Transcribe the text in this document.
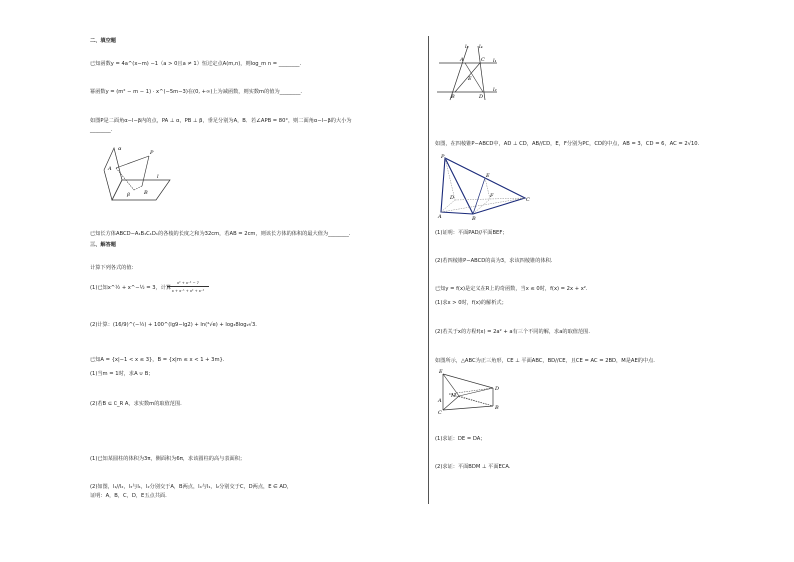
二、填空题
已知函数y = 4a^(x−m) −1（a > 0且a ≠ 1）恒过定点A(m,n)，则log_m n = ________.
幂函数y = (m² − m − 1) · x^(−5m−3)在(0, +∞)上为减函数，则实数m的值为________.
如图P是二面角α−l−β内的点，PA ⊥ α，PB ⊥ β，垂足分别为A，B．若∠APB = 80°，则二面角α−l−β的大小为
________.
P
A
B
l
α
β
已知长方体ABCD−A₁B₁C₁D₁的各棱的长度之和为32cm，若AB = 2cm，则该长方体的体积的最大值为________.
三、解答题
计算下列各式的值：
(1)已知x^½ + x^−½ = 3，计算
x² + x⁻² − 7
x + x⁻¹ + x² + x⁻²
(2)计算：(16/9)^(−½) + 100^(lg9−lg2) + ln(⁴√e) + log₃8log₂√3.
已知A = {x|−1 < x ≤ 3}，B = {x|m ≤ x < 1 + 3m}.
(1)当m = 1时，求A ∪ B；
(2)若B ⊆ ∁_R A，求实数m的取值范围.
(1)已知某圆柱的体积为3π，侧面积为6π，求该圆柱的高与表面积；
(2)如图，l₁//l₂，l₃与l₁，l₂分别交于A，B两点，l₄与l₁，l₂分别交于C，D两点，E ∈ AD，
证明：A，B，C，D，E五点共面.
l₃ l₄
A	C
E
B	D
l₁
l₂
如图，在四棱锥P−ABCD中，AD ⊥ CD，AB//CD，E，F分别为PC，CD的中点，AB = 3，CD = 6，AC = 2√10.
P
E
D	F
C
A	B
(1)证明：平面PAD//平面BEF；
(2)若四棱锥P−ABCD的高为3，求该四棱锥的体积.
已知y = f(x)是定义在R上的奇函数，当x ≤ 0时，f(x) = 2x + x².
(1)求x > 0时，f(x)的解析式；
(2)若关于x的方程f(x) = 2a² + a有三个不同的解，求a的取值范围.
如图所示，△ABC为正三角形，CE ⊥ 平面ABC，BD//CE，且CE = AC = 2BD，M是AE的中点.
E
D
M
A
B
C
(1)求证：DE = DA；
(2)求证：平面BDM ⊥ 平面ECA.
